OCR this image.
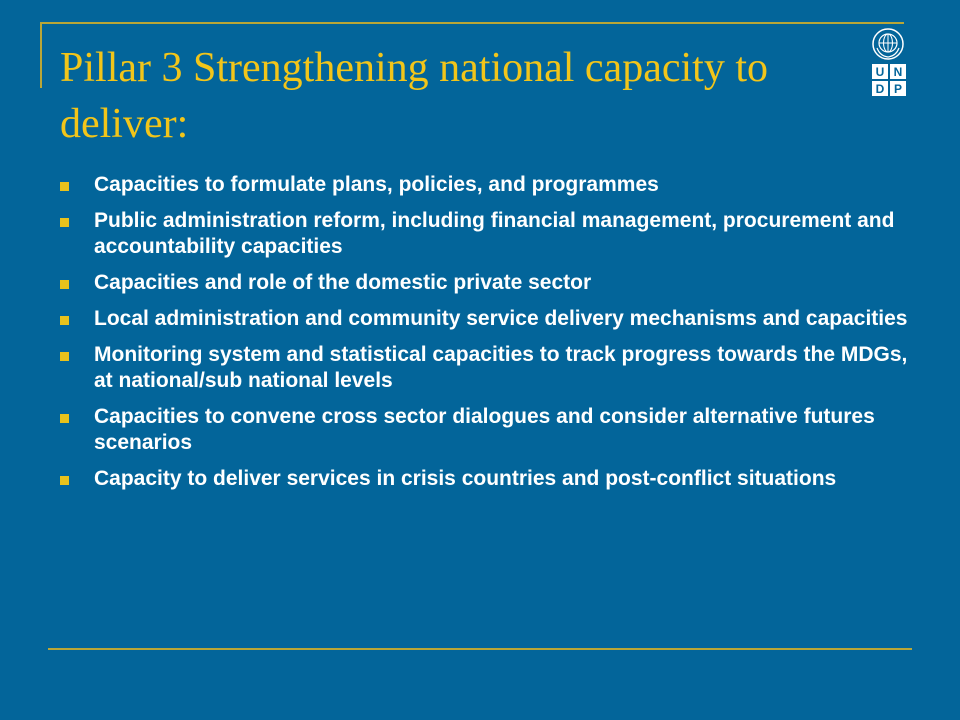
Pillar 3 Strengthening national capacity to deliver:
U N
D P
Capacities to formulate plans, policies, and programmes
Public administration reform, including financial management, procurement and accountability capacities
Capacities and role of the domestic private sector
Local administration and community service delivery mechanisms and capacities
Monitoring system and statistical capacities to track progress towards the MDGs, at national/sub national levels
Capacities to convene cross sector dialogues and consider alternative futures scenarios
Capacity to deliver services in crisis countries and post-conflict situations
